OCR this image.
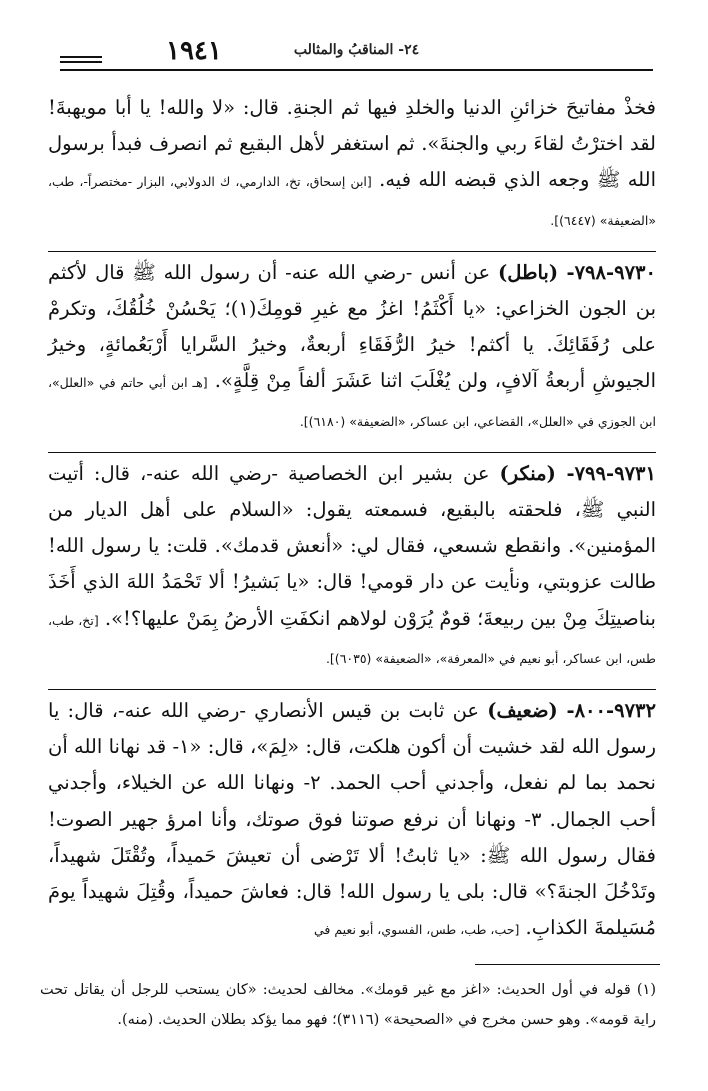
٢٤- المناقبُ والمثالب
١٩٤١

فخذْ مفاتيحَ خزائنِ الدنيا والخلدِ فيها ثم الجنةِ. قال: «لا والله! يا أبا مويهبةَ! لقد اخترْتُ لقاءَ ربي والجنةَ». ثم استغفر لأهل البقيع ثم انصرف فبدأ برسول الله ﷺ وجعه الذي قبضه الله فيه. [ابن إسحاق، تخ، الدارمي، ك الدولابي، البزار -مختصراً-، طب، «الضعيفة» (٦٤٤٧)].

٩٧٣٠-٧٩٨- (باطل) عن أنس -رضي الله عنه- أن رسول الله ﷺ قال لأكثم بن الجون الخزاعي: «يا أَكْثَمُ! اغزُ مع غيرِ قومِكَ(١)؛ يَحْسُنْ خُلُقُكَ، وتكرمْ على رُفَقَائِكَ. يا أكثم! خيرُ الرُّفَقَاءِ أربعةٌ، وخيرُ السَّرايا أَرْبَعُمائةٍ، وخيرُ الجيوشِ أربعةُ آلافٍ، ولن يُغْلَبَ اثنا عَشَرَ ألفاً مِنْ قِلَّةٍ». [هـ ابن أبي حاتم في «العلل»، ابن الجوزي في «العلل»، القضاعي، ابن عساكر، «الضعيفة» (٦١٨٠)].

٩٧٣١-٧٩٩- (منكر) عن بشير ابن الخصاصية -رضي الله عنه-، قال: أتيت النبي ﷺ، فلحقته بالبقيع، فسمعته يقول: «السلام على أهل الديار من المؤمنين». وانقطع شسعي، فقال لي: «أنعش قدمك». قلت: يا رسول الله! طالت عزوبتي، ونأيت عن دار قومي! قال: «يا بَشيرُ! ألا تَحْمَدُ اللهَ الذي أَخَذَ بناصيتِكَ مِنْ بين ربيعةَ؛ قومٌ يُرَوْن لولاهم انكفَتِ الأرضُ بِمَنْ عليها؟!». [تخ، طب، طس، ابن عساكر، أبو نعيم في «المعرفة»، «الضعيفة» (٦٠٣٥)].

٩٧٣٢-٨٠٠- (ضعيف) عن ثابت بن قيس الأنصاري -رضي الله عنه-، قال: يا رسول الله لقد خشيت أن أكون هلكت، قال: «لِمَ»، قال: «١- قد نهانا الله أن نحمد بما لم نفعل، وأجدني أحب الحمد. ٢- ونهانا الله عن الخيلاء، وأجدني أحب الجمال. ٣- ونهانا أن نرفع صوتنا فوق صوتك، وأنا امرؤ جهير الصوت! فقال رسول الله ﷺ: «يا ثابتُ! ألا تَرْضى أن تعيشَ حَميداً، وتُقْتَلَ شهيداً، وتَدْخُلَ الجنةَ؟» قال: بلى يا رسول الله! قال: فعاشَ حميداً، وقُتِلَ شهيداً يومَ مُسَيلمةَ الكذابِ. [حب، طب، طس، الفسوي، أبو نعيم في

(١) قوله في أول الحديث: «اغز مع غير قومك». مخالف لحديث: «كان يستحب للرجل أن يقاتل تحت راية قومه». وهو حسن مخرج في «الصحيحة» (٣١١٦)؛ فهو مما يؤكد بطلان الحديث. (منه).
